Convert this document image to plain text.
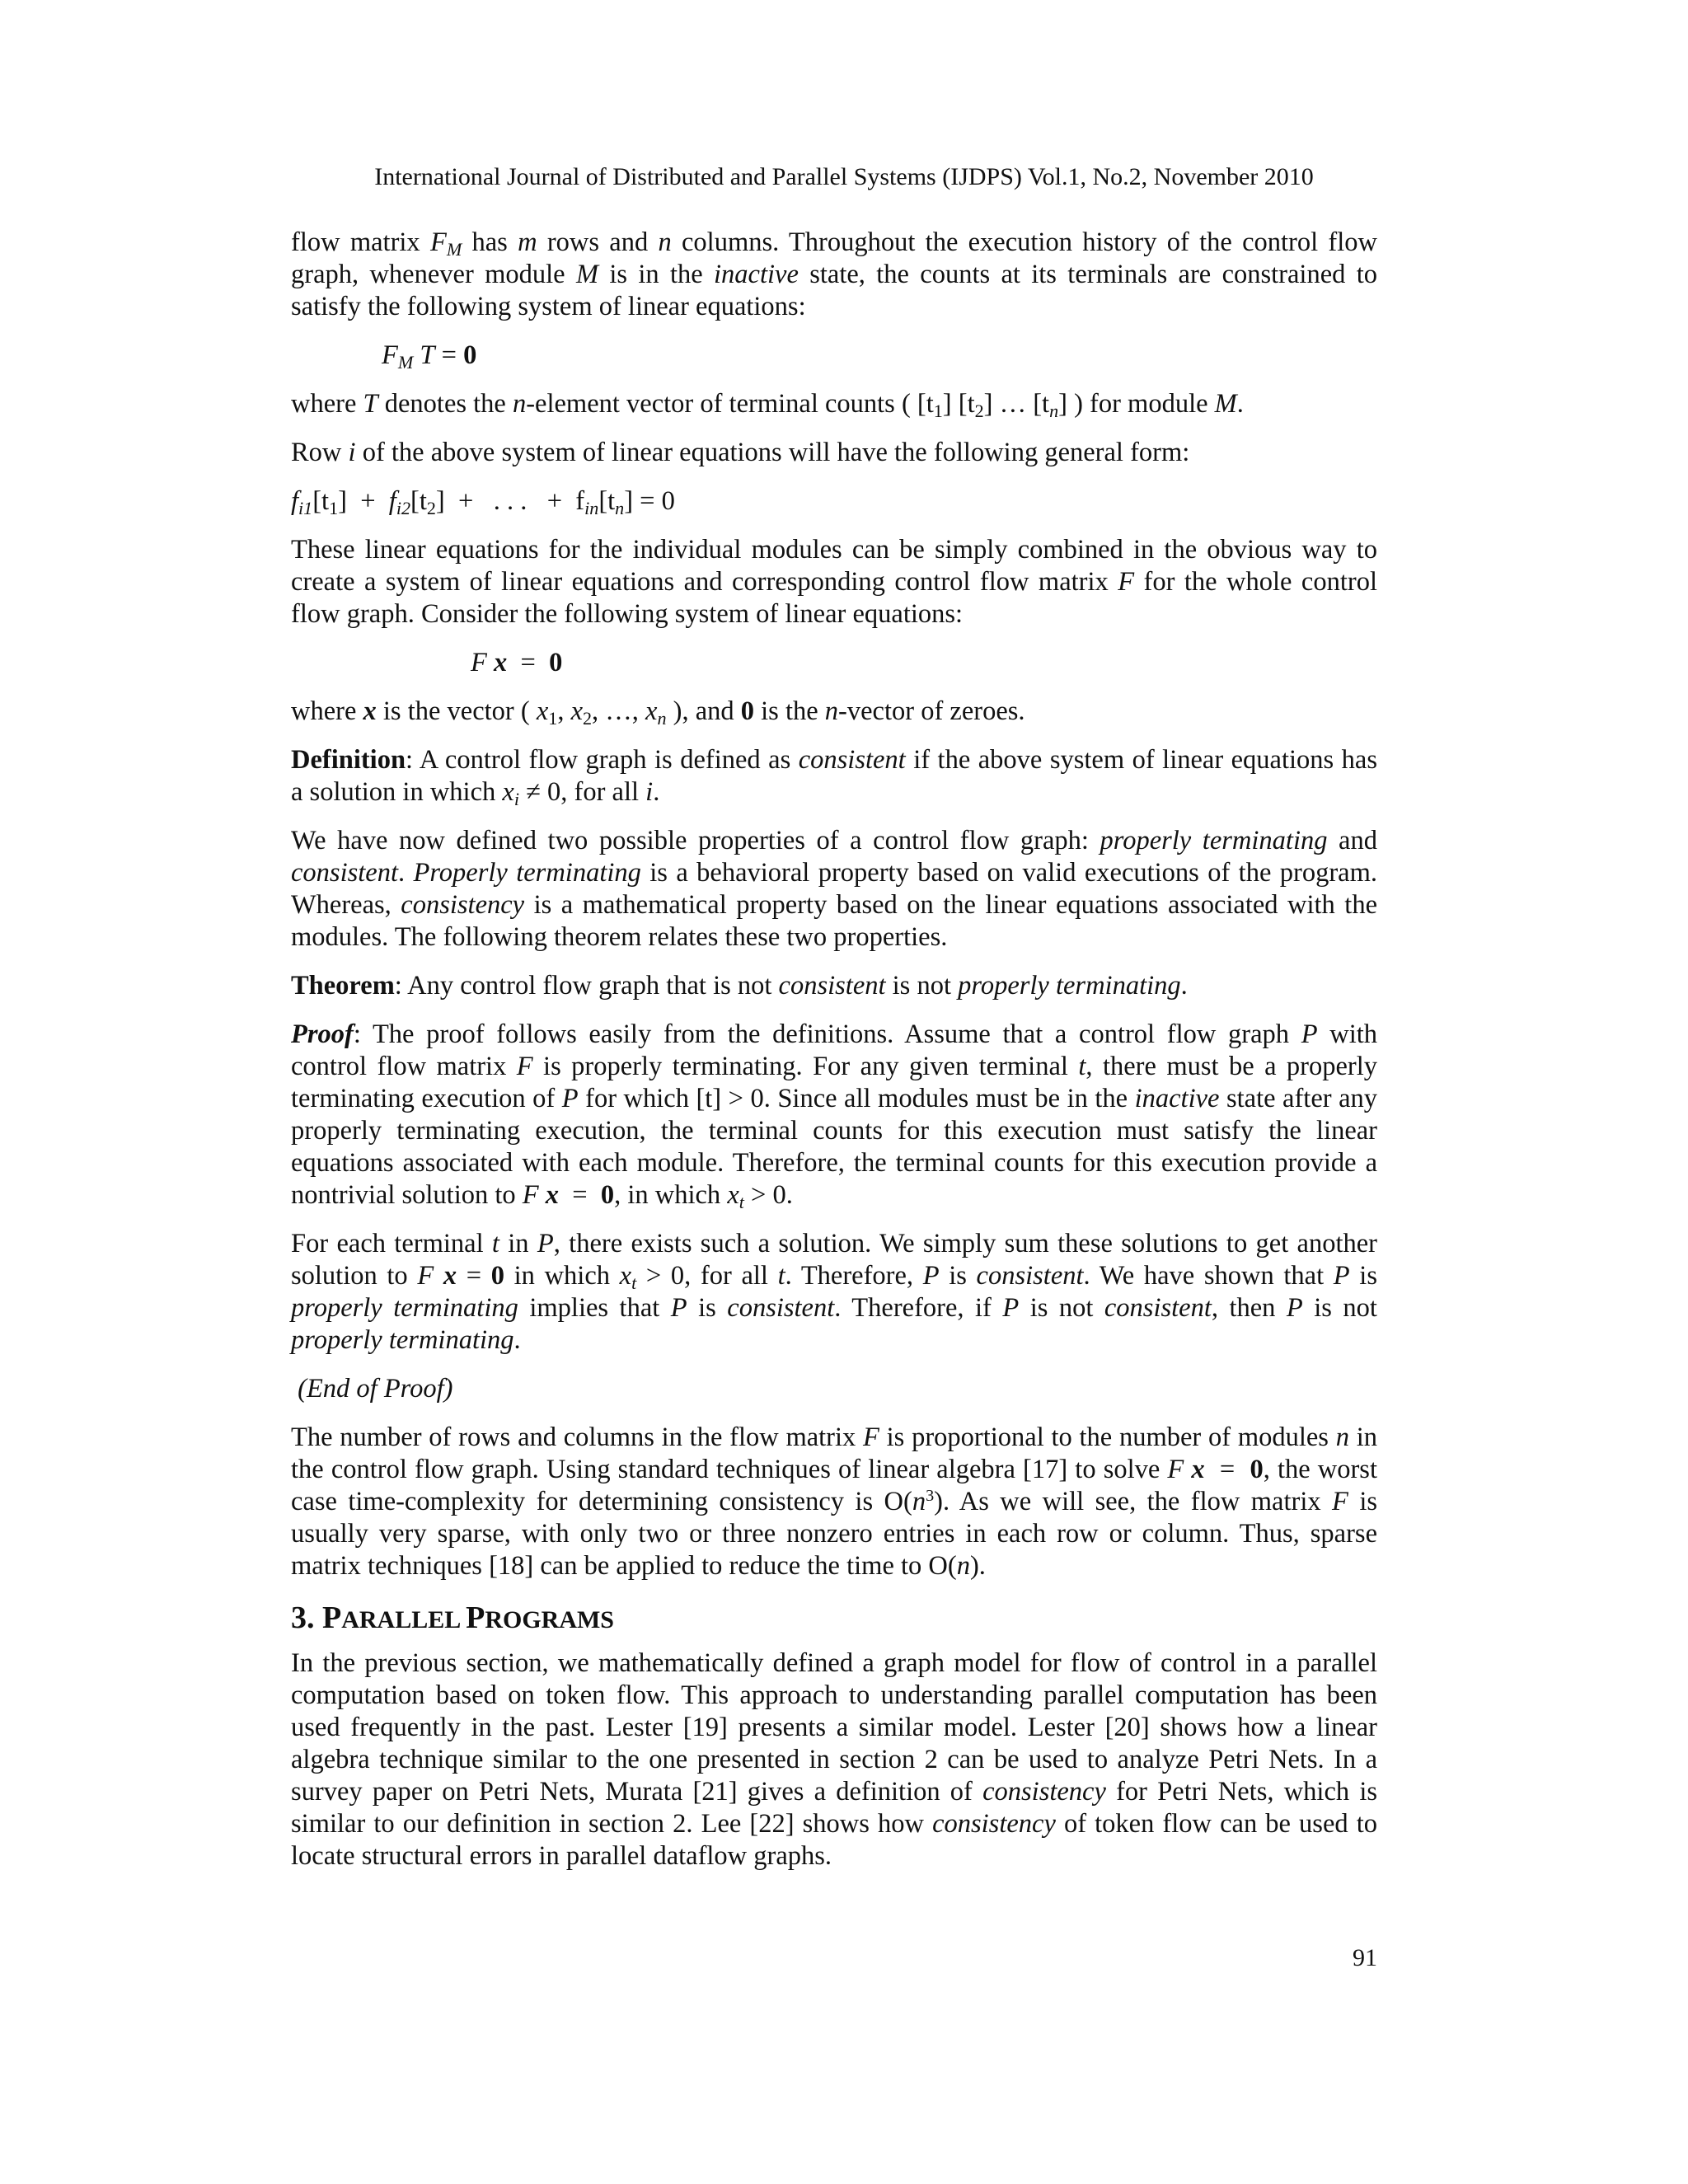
International Journal of Distributed and Parallel Systems (IJDPS) Vol.1, No.2, November 2010

flow matrix $F_M$ has m rows and n columns. Throughout the execution history of the control flow graph, whenever module M is in the inactive state, the counts at its terminals are constrained to satisfy the following system of linear equations:

$F_M$ T = 0

where T denotes the n-element vector of terminal counts ( $[t_1]$ $[t_2]$ … $[t_n]$ ) for module M.

Row i of the above system of linear equations will have the following general form:

$f_{i1}[t_1] + f_{i2}[t_2]$  +   . . .   +  $f_{in}[t_n] = 0$

These linear equations for the individual modules can be simply combined in the obvious way to create a system of linear equations and corresponding control flow matrix F for the whole control flow graph. Consider the following system of linear equations:

F x  =  0

where x is the vector ( $x_1$, $x_2$, …, $x_n$ ), and 0 is the n-vector of zeroes.

Definition: A control flow graph is defined as consistent if the above system of linear equations has a solution in which $x_i \ne 0$, for all i.

We have now defined two possible properties of a control flow graph: properly terminating and consistent. Properly terminating is a behavioral property based on valid executions of the program. Whereas, consistency is a mathematical property based on the linear equations associated with the modules. The following theorem relates these two properties.

Theorem: Any control flow graph that is not consistent is not properly terminating.

Proof: The proof follows easily from the definitions. Assume that a control flow graph P with control flow matrix F is properly terminating. For any given terminal t, there must be a properly terminating execution of P for which [t] > 0. Since all modules must be in the inactive state after any properly terminating execution, the terminal counts for this execution must satisfy the linear equations associated with each module. Therefore, the terminal counts for this execution provide a nontrivial solution to F x  =  0, in which $x_t > 0$.

For each terminal t in P, there exists such a solution. We simply sum these solutions to get another solution to F x = 0 in which $x_t > 0$, for all t. Therefore, P is consistent. We have shown that P is properly terminating implies that P is consistent. Therefore, if P is not consistent, then P is not properly terminating.

(End of Proof)

The number of rows and columns in the flow matrix F is proportional to the number of modules n in the control flow graph. Using standard techniques of linear algebra [17] to solve F x  =  0, the worst case time-complexity for determining consistency is $O(n^3)$. As we will see, the flow matrix F is usually very sparse, with only two or three nonzero entries in each row or column. Thus, sparse matrix techniques [18] can be applied to reduce the time to O(n).

3. PARALLEL PROGRAMS

In the previous section, we mathematically defined a graph model for flow of control in a parallel computation based on token flow. This approach to understanding parallel computation has been used frequently in the past. Lester [19] presents a similar model. Lester [20] shows how a linear algebra technique similar to the one presented in section 2 can be used to analyze Petri Nets. In a survey paper on Petri Nets, Murata [21] gives a definition of consistency for Petri Nets, which is similar to our definition in section 2. Lee [22] shows how consistency of token flow can be used to locate structural errors in parallel dataflow graphs.

91
